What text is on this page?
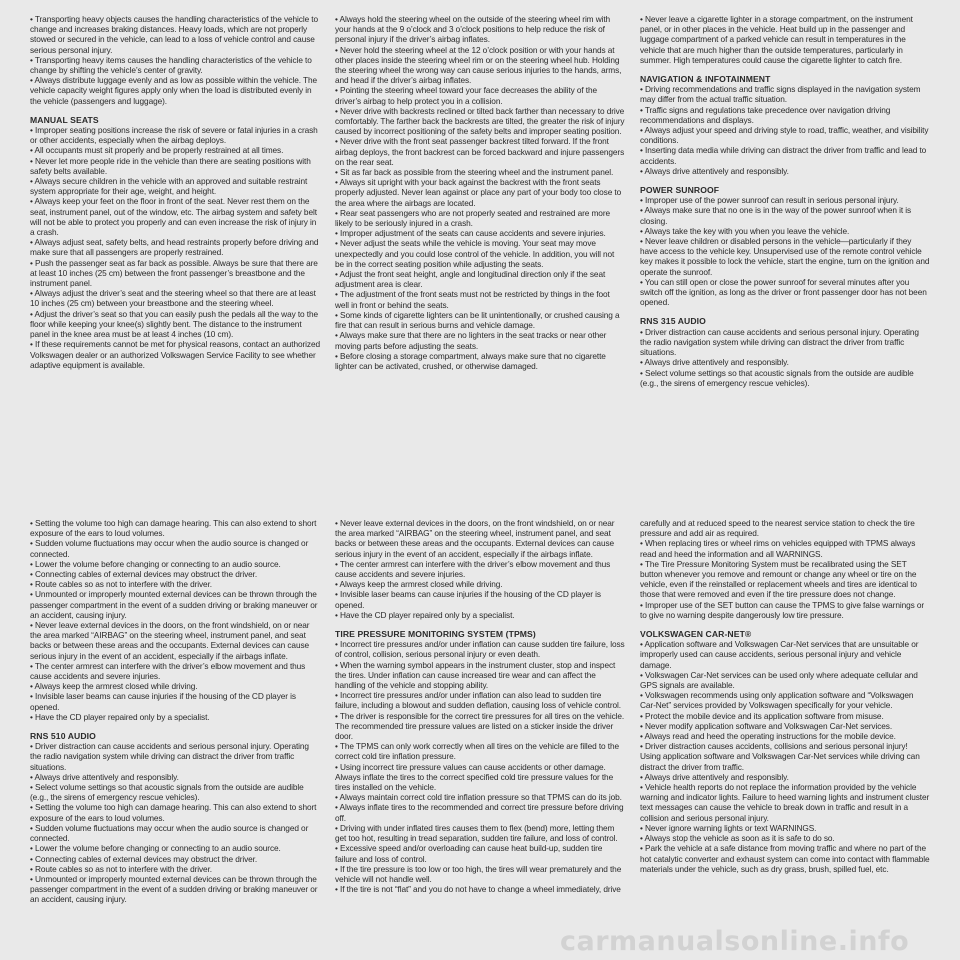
• Transporting heavy objects causes the handling characteristics of the vehicle to change and increases braking distances. Heavy loads, which are not properly stowed or secured in the vehicle, can lead to a loss of vehicle control and cause serious personal injury.

• Transporting heavy items causes the handling characteristics of the vehicle to change by shifting the vehicle’s center of gravity.

• Always distribute luggage evenly and as low as possible within the vehicle. The vehicle capacity weight figures apply only when the load is distributed evenly in the vehicle (passengers and luggage).

MANUAL SEATS

• Improper seating positions increase the risk of severe or fatal injuries in a crash or other accidents, especially when the airbag deploys.

• All occupants must sit properly and be properly restrained at all times.

• Never let more people ride in the vehicle than there are seating positions with safety belts available.

• Always secure children in the vehicle with an approved and suitable restraint system appropriate for their age, weight, and height.

• Always keep your feet on the floor in front of the seat. Never rest them on the seat, instrument panel, out of the window, etc. The airbag system and safety belt will not be able to protect you properly and can even increase the risk of injury in a crash.

• Always adjust seat, safety belts, and head restraints properly before driving and make sure that all passengers are properly restrained.

• Push the passenger seat as far back as possible. Always be sure that there are at least 10 inches (25 cm) between the front passenger’s breastbone and the instrument panel.

• Always adjust the driver’s seat and the steering wheel so that there are at least 10 inches (25 cm) between your breastbone and the steering wheel.

• Adjust the driver’s seat so that you can easily push the pedals all the way to the floor while keeping your knee(s) slightly bent. The distance to the instrument panel in the knee area must be at least 4 inches (10 cm).

• If these requirements cannot be met for physical reasons, contact an authorized Volkswagen dealer or an authorized Volkswagen Service Facility to see whether adaptive equipment is available.

• Always hold the steering wheel on the outside of the steering wheel rim with your hands at the 9 o’clock and 3 o’clock positions to help reduce the risk of personal injury if the driver’s airbag inflates.

• Never hold the steering wheel at the 12 o’clock position or with your hands at other places inside the steering wheel rim or on the steering wheel hub. Holding the steering wheel the wrong way can cause serious injuries to the hands, arms, and head if the driver’s airbag inflates.

• Pointing the steering wheel toward your face decreases the ability of the driver’s airbag to help protect you in a collision.

• Never drive with backrests reclined or tilted back farther than necessary to drive comfortably. The farther back the backrests are tilted, the greater the risk of injury caused by incorrect positioning of the safety belts and improper seating position.

• Never drive with the front seat passenger backrest tilted forward. If the front airbag deploys, the front backrest can be forced backward and injure passengers on the rear seat.

• Sit as far back as possible from the steering wheel and the instrument panel.

• Always sit upright with your back against the backrest with the front seats properly adjusted. Never lean against or place any part of your body too close to the area where the airbags are located.

• Rear seat passengers who are not properly seated and restrained are more likely to be seriously injured in a crash.

• Improper adjustment of the seats can cause accidents and severe injuries.

• Never adjust the seats while the vehicle is moving. Your seat may move unexpectedly and you could lose control of the vehicle. In addition, you will not be in the correct seating position while adjusting the seats.

• Adjust the front seat height, angle and longitudinal direction only if the seat adjustment area is clear.

• The adjustment of the front seats must not be restricted by things in the foot well in front or behind the seats.

• Some kinds of cigarette lighters can be lit unintentionally, or crushed causing a fire that can result in serious burns and vehicle damage.

• Always make sure that there are no lighters in the seat tracks or near other moving parts before adjusting the seats.

• Before closing a storage compartment, always make sure that no cigarette lighter can be activated, crushed, or otherwise damaged.

• Never leave a cigarette lighter in a storage compartment, on the instrument panel, or in other places in the vehicle. Heat build up in the passenger and luggage compartment of a parked vehicle can result in temperatures in the vehicle that are much higher than the outside temperatures, particularly in summer. High temperatures could cause the cigarette lighter to catch fire.

NAVIGATION & INFOTAINMENT

• Driving recommendations and traffic signs displayed in the navigation system may differ from the actual traffic situation.

• Traffic signs and regulations take precedence over navigation driving recommendations and displays.

• Always adjust your speed and driving style to road, traffic, weather, and visibility conditions.

• Inserting data media while driving can distract the driver from traffic and lead to accidents.

• Always drive attentively and responsibly.

POWER SUNROOF

• Improper use of the power sunroof can result in serious personal injury.

• Always make sure that no one is in the way of the power sunroof when it is closing.

• Always take the key with you when you leave the vehicle.

• Never leave children or disabled persons in the vehicle—particularly if they have access to the vehicle key. Unsupervised use of the remote control vehicle key makes it possible to lock the vehicle, start the engine, turn on the ignition and operate the sunroof.

• You can still open or close the power sunroof for several minutes after you switch off the ignition, as long as the driver or front passenger door has not been opened.

RNS 315 AUDIO

• Driver distraction can cause accidents and serious personal injury. Operating the radio navigation system while driving can distract the driver from traffic situations.

• Always drive attentively and responsibly.

• Select volume settings so that acoustic signals from the outside are audible (e.g., the sirens of emergency rescue vehicles).

• Setting the volume too high can damage hearing. This can also extend to short exposure of the ears to loud volumes.

• Sudden volume fluctuations may occur when the audio source is changed or connected.

• Lower the volume before changing or connecting to an audio source.

• Connecting cables of external devices may obstruct the driver.

• Route cables so as not to interfere with the driver.

• Unmounted or improperly mounted external devices can be thrown through the passenger compartment in the event of a sudden driving or braking maneuver or an accident, causing injury.

• Never leave external devices in the doors, on the front windshield, on or near the area marked “AIRBAG” on the steering wheel, instrument panel, and seat backs or between these areas and the occupants. External devices can cause serious injury in the event of an accident, especially if the airbags inflate.

• The center armrest can interfere with the driver’s elbow movement and thus cause accidents and severe injuries.

• Always keep the armrest closed while driving.

• Invisible laser beams can cause injuries if the housing of the CD player is opened.

• Have the CD player repaired only by a specialist.

RNS 510 AUDIO

• Driver distraction can cause accidents and serious personal injury. Operating the radio navigation system while driving can distract the driver from traffic situations.

• Always drive attentively and responsibly.

• Select volume settings so that acoustic signals from the outside are audible (e.g., the sirens of emergency rescue vehicles).

• Setting the volume too high can damage hearing. This can also extend to short exposure of the ears to loud volumes.

• Sudden volume fluctuations may occur when the audio source is changed or connected.

• Lower the volume before changing or connecting to an audio source.

• Connecting cables of external devices may obstruct the driver.

• Route cables so as not to interfere with the driver.

• Unmounted or improperly mounted external devices can be thrown through the passenger compartment in the event of a sudden driving or braking maneuver or an accident, causing injury.

• Never leave external devices in the doors, on the front windshield, on or near the area marked “AIRBAG” on the steering wheel, instrument panel, and seat backs or between these areas and the occupants. External devices can cause serious injury in the event of an accident, especially if the airbags inflate.

• The center armrest can interfere with the driver’s elbow movement and thus cause accidents and severe injuries.

• Always keep the armrest closed while driving.

• Invisible laser beams can cause injuries if the housing of the CD player is opened.

• Have the CD player repaired only by a specialist.

TIRE PRESSURE MONITORING SYSTEM (TPMS)

• Incorrect tire pressures and/or under inflation can cause sudden tire failure, loss of control, collision, serious personal injury or even death.

• When the warning symbol appears in the instrument cluster, stop and inspect the tires. Under inflation can cause increased tire wear and can affect the handling of the vehicle and stopping ability.

• Incorrect tire pressures and/or under inflation can also lead to sudden tire failure, including a blowout and sudden deflation, causing loss of vehicle control.

• The driver is responsible for the correct tire pressures for all tires on the vehicle. The recommended tire pressure values are listed on a sticker inside the driver door.

• The TPMS can only work correctly when all tires on the vehicle are filled to the correct cold tire inflation pressure.

• Using incorrect tire pressure values can cause accidents or other damage. Always inflate the tires to the correct specified cold tire pressure values for the tires installed on the vehicle.

• Always maintain correct cold tire inflation pressure so that TPMS can do its job.

• Always inflate tires to the recommended and correct tire pressure before driving off.

• Driving with under inflated tires causes them to flex (bend) more, letting them get too hot, resulting in tread separation, sudden tire failure, and loss of control.

• Excessive speed and/or overloading can cause heat build-up, sudden tire failure and loss of control.

• If the tire pressure is too low or too high, the tires will wear prematurely and the vehicle will not handle well.

• If the tire is not “flat” and you do not have to change a wheel immediately, drive

carefully and at reduced speed to the nearest service station to check the tire pressure and add air as required.

• When replacing tires or wheel rims on vehicles equipped with TPMS always read and heed the information and all WARNINGS.

• The Tire Pressure Monitoring System must be recalibrated using the SET button whenever you remove and remount or change any wheel or tire on the vehicle, even if the reinstalled or replacement wheels and tires are identical to those that were removed and even if the tire pressure does not change.

• Improper use of the SET button can cause the TPMS to give false warnings or to give no warning despite dangerously low tire pressure.

VOLKSWAGEN CAR-NET®

• Application software and Volkswagen Car-Net services that are unsuitable or improperly used can cause accidents, serious personal injury and vehicle damage.

• Volkswagen Car-Net services can be used only where adequate cellular and GPS signals are available.

• Volkswagen recommends using only application software and “Volkswagen Car-Net” services provided by Volkswagen specifically for your vehicle.

• Protect the mobile device and its application software from misuse.

• Never modify application software and Volkswagen Car-Net services.

• Always read and heed the operating instructions for the mobile device.

• Driver distraction causes accidents, collisions and serious personal injury! Using application software and Volkswagen Car-Net services while driving can distract the driver from traffic.

• Always drive attentively and responsibly.

• Vehicle health reports do not replace the information provided by the vehicle warning and indicator lights. Failure to heed warning lights and instrument cluster text messages can cause the vehicle to break down in traffic and result in a collision and serious personal injury.

• Never ignore warning lights or text WARNINGS.

• Always stop the vehicle as soon as it is safe to do so.

• Park the vehicle at a safe distance from moving traffic and where no part of the hot catalytic converter and exhaust system can come into contact with flammable materials under the vehicle, such as dry grass, brush, spilled fuel, etc.

carmanualsonline.info
